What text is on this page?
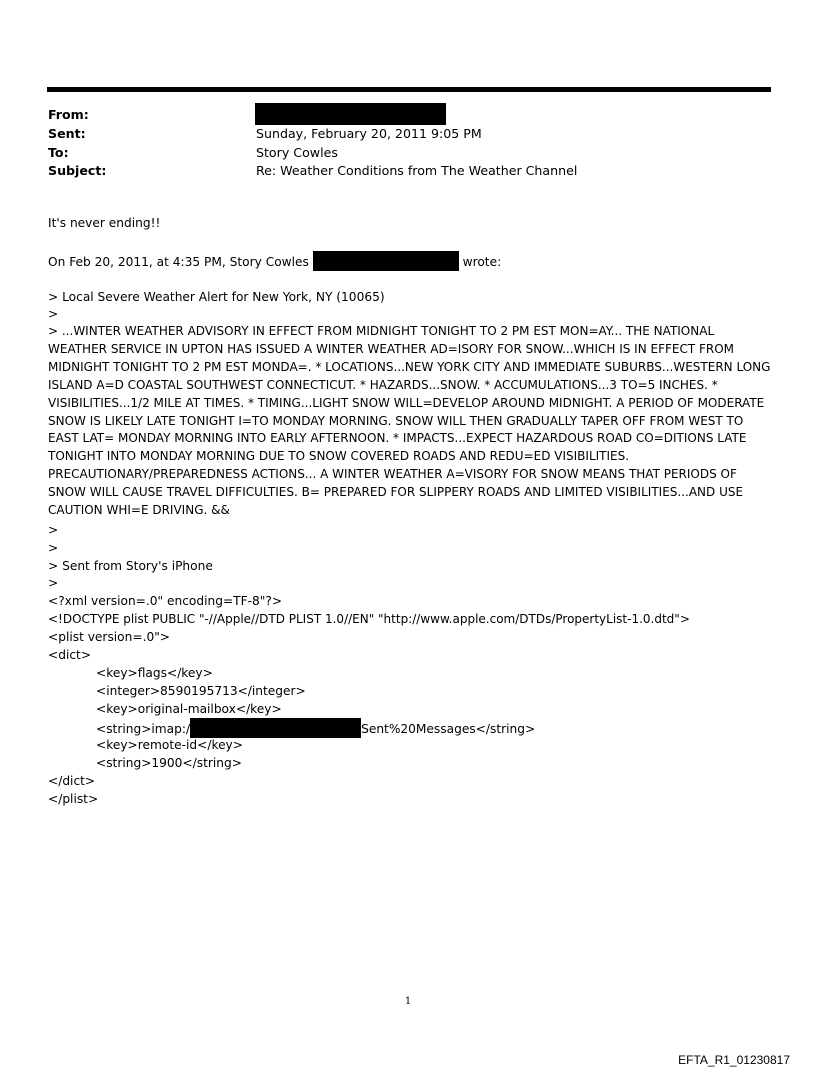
From:
Sent:	Sunday, February 20, 2011 9:05 PM
To:	Story Cowles
Subject:	Re: Weather Conditions from The Weather Channel
It's never ending!!
On Feb 20, 2011, at 4:35 PM, Story Cowles	wrote:
> Local Severe Weather Alert for New York, NY (10065)
>
> ...WINTER WEATHER ADVISORY IN EFFECT FROM MIDNIGHT TONIGHT TO 2 PM EST MON=AY... THE NATIONAL WEATHER SERVICE IN UPTON HAS ISSUED A WINTER WEATHER AD=ISORY FOR SNOW...WHICH IS IN EFFECT FROM MIDNIGHT TONIGHT TO 2 PM EST MONDA=. * LOCATIONS...NEW YORK CITY AND IMMEDIATE SUBURBS...WESTERN LONG ISLAND A=D COASTAL SOUTHWEST CONNECTICUT. * HAZARDS...SNOW. * ACCUMULATIONS...3 TO=5 INCHES. * VISIBILITIES...1/2 MILE AT TIMES. * TIMING...LIGHT SNOW WILL=DEVELOP AROUND MIDNIGHT. A PERIOD OF MODERATE SNOW IS LIKELY LATE TONIGHT I=TO MONDAY MORNING. SNOW WILL THEN GRADUALLY TAPER OFF FROM WEST TO EAST LAT= MONDAY MORNING INTO EARLY AFTERNOON. * IMPACTS...EXPECT HAZARDOUS ROAD CO=DITIONS LATE TONIGHT INTO MONDAY MORNING DUE TO SNOW COVERED ROADS AND REDU=ED VISIBILITIES. PRECAUTIONARY/PREPAREDNESS ACTIONS... A WINTER WEATHER A=VISORY FOR SNOW MEANS THAT PERIODS OF SNOW WILL CAUSE TRAVEL DIFFICULTIES. B= PREPARED FOR SLIPPERY ROADS AND LIMITED VISIBILITIES...AND USE CAUTION WHI=E DRIVING. &&
>
>
> Sent from Story's iPhone
>
<?xml version=.0" encoding=TF-8"?>
<!DOCTYPE plist PUBLIC "-//Apple//DTD PLIST 1.0//EN" "http://www.apple.com/DTDs/PropertyList-1.0.dtd">
<plist version=.0">
<dict>
<key>flags</key>
<integer>8590195713</integer>
<key>original-mailbox</key>
<string>imap:/	Sent%20Messages</string>
<key>remote-id</key>
<string>1900</string>
</dict>
</plist>
1
EFTA_R1_01230817
